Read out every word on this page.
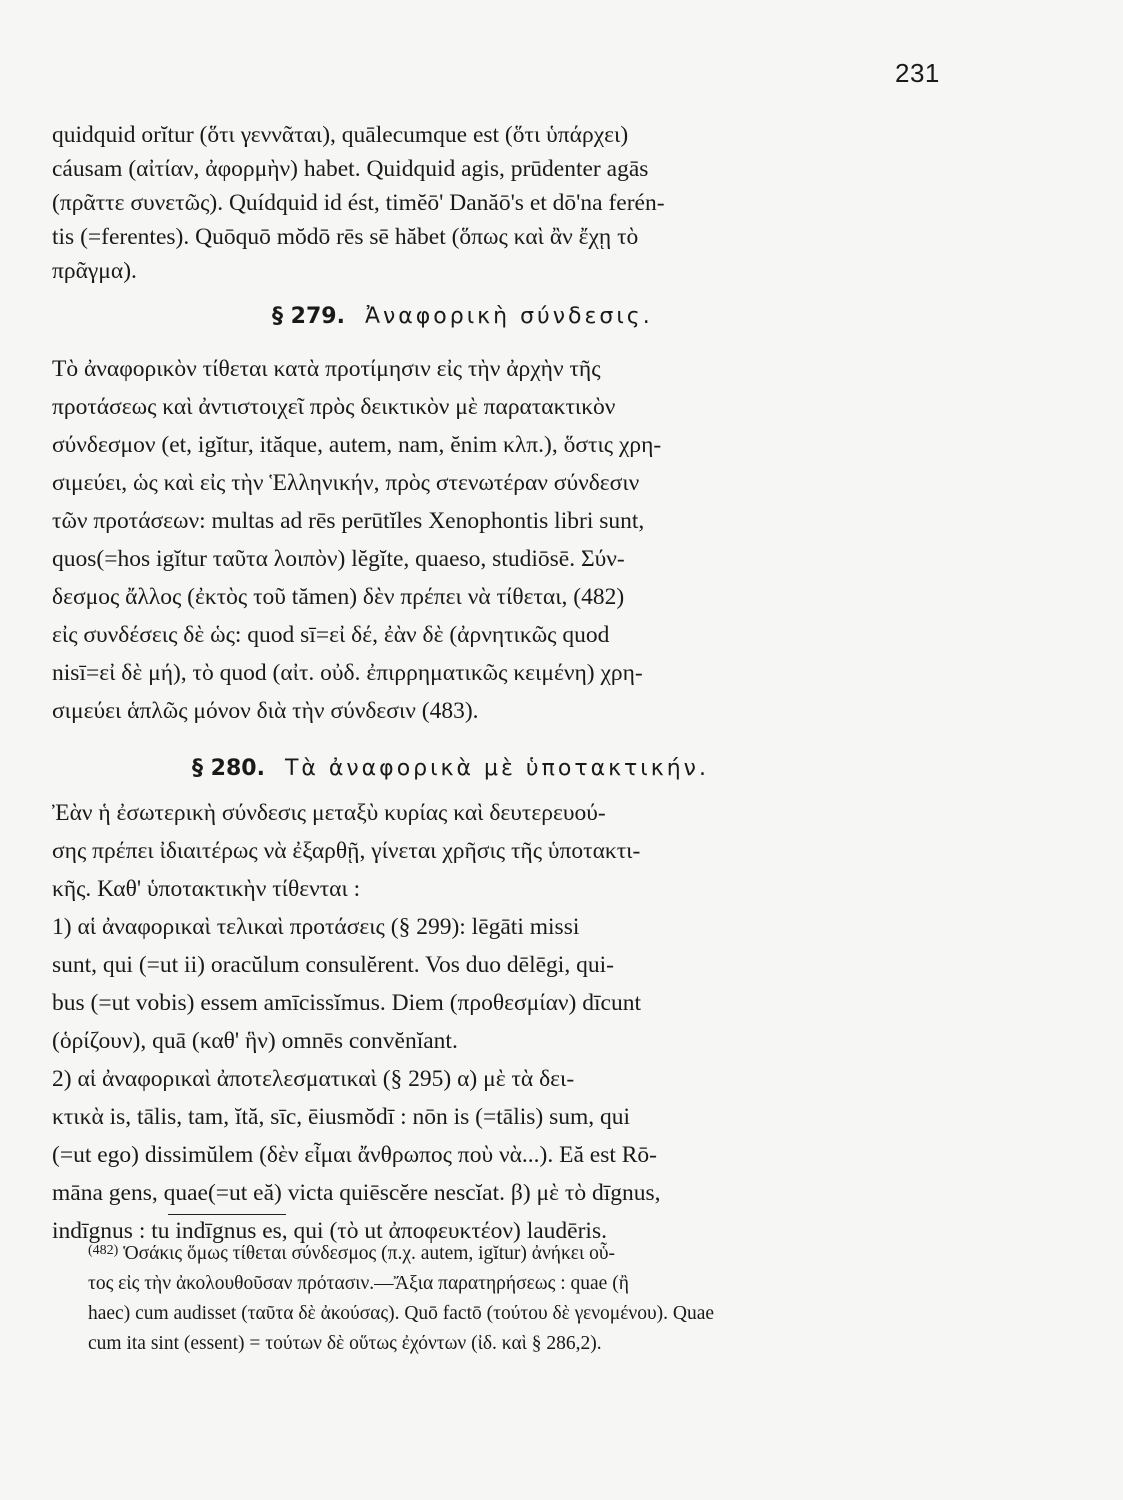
231
quidquid orĭtur (ὅτι γεννᾶται), quālecumque est (ὅτι ὑπάρχει)
cáusam (αἰτίαν, ἀφορμὴν) habet. Quidquid agis, prūdenter agās
(πρᾶττε συνετῶς). Quídquid id ést, timĕō' Danăō's et dō'na ferén-
tis (=ferentes). Quōquō mŏdō rēs sē hăbet (ὅπως καὶ ἂν ἔχῃ τὸ
πρᾶγμα).
§ 279. Ἀναφορικὴ σύνδεσις.
Τὸ ἀναφορικὸν τίθεται κατὰ προτίμησιν εἰς τὴν ἀρχὴν τῆς
προτάσεως καὶ ἀντιστοιχεῖ πρὸς δεικτικὸν μὲ παρατακτικὸν
σύνδεσμον (et, igĭtur, ităque, autem, nam, ĕnim κλπ.), ὅστις χρη-
σιμεύει, ὡς καὶ εἰς τὴν Ἑλληνικήν, πρὸς στενωτέραν σύνδεσιν
τῶν προτάσεων: multas ad rēs perūtĭles Xenophontis libri sunt,
quos(=hos igĭtur ταῦτα λοιπὸν) lĕgĭte, quaeso, studiōsē. Σύν-
δεσμος ἄλλος (ἐκτὸς τοῦ tămen) δὲν πρέπει νὰ τίθεται, (482)
εἰς συνδέσεις δὲ ὡς: quod sī=εἰ δέ, ἐὰν δὲ (ἀρνητικῶς quod
nisī=εἰ δὲ μή), τὸ quod (αἰτ. οὐδ. ἐπιρρηματικῶς κειμένη) χρη-
σιμεύει ἁπλῶς μόνον διὰ τὴν σύνδεσιν (483).
§ 280. Τὰ ἀναφορικὰ μὲ ὑποτακτικήν.
Ἐὰν ἡ ἐσωτερικὴ σύνδεσις μεταξὺ κυρίας καὶ δευτερευού-
σης πρέπει ἰδιαιτέρως νὰ ἐξαρθῇ, γίνεται χρῆσις τῆς ὑποτακτι-
κῆς. Καθ' ὑποτακτικὴν τίθενται :
1) αἱ ἀναφορικαὶ τελικαὶ προτάσεις (§ 299): lēgāti missi
sunt, qui (=ut ii) oracŭlum consulĕrent. Vos duo dēlēgi, qui-
bus (=ut vobis) essem amīcissĭmus. Diem (προθεσμίαν) dīcunt
(ὁρίζουν), quā (καθ' ἣν) omnēs convĕnĭant.
2) αἱ ἀναφορικαὶ ἀποτελεσματικαὶ (§ 295) α) μὲ τὰ δει-
κτικὰ is, tālis, tam, ĭtă, sīc, ēiusmŏdī : nōn is (=tālis) sum, qui
(=ut ego) dissimŭlem (δὲν εἶμαι ἄνθρωπος ποὺ νὰ...). Eă est Rō-
māna gens, quae(=ut eă) victa quiēscĕre nescĭat. β) μὲ τὸ dīgnus,
indīgnus : tu indīgnus es, qui (τὸ ut ἀποφευκτέον) laudēris.
$^{(482)}$ Ὁσάκις ὅμως τίθεται σύνδεσμος (π.χ. autem, igĭtur) ἀνήκει οὗ-
τος εἰς τὴν ἀκολουθοῦσαν πρότασιν.—Ἄξια παρατηρήσεως : quae (ἢ
haec) cum audisset (ταῦτα δὲ ἀκούσας). Quō factō (τούτου δὲ γενομένου). Quae
cum ita sint (essent) = τούτων δὲ οὕτως ἐχόντων (ἰδ. καὶ § 286,2).
